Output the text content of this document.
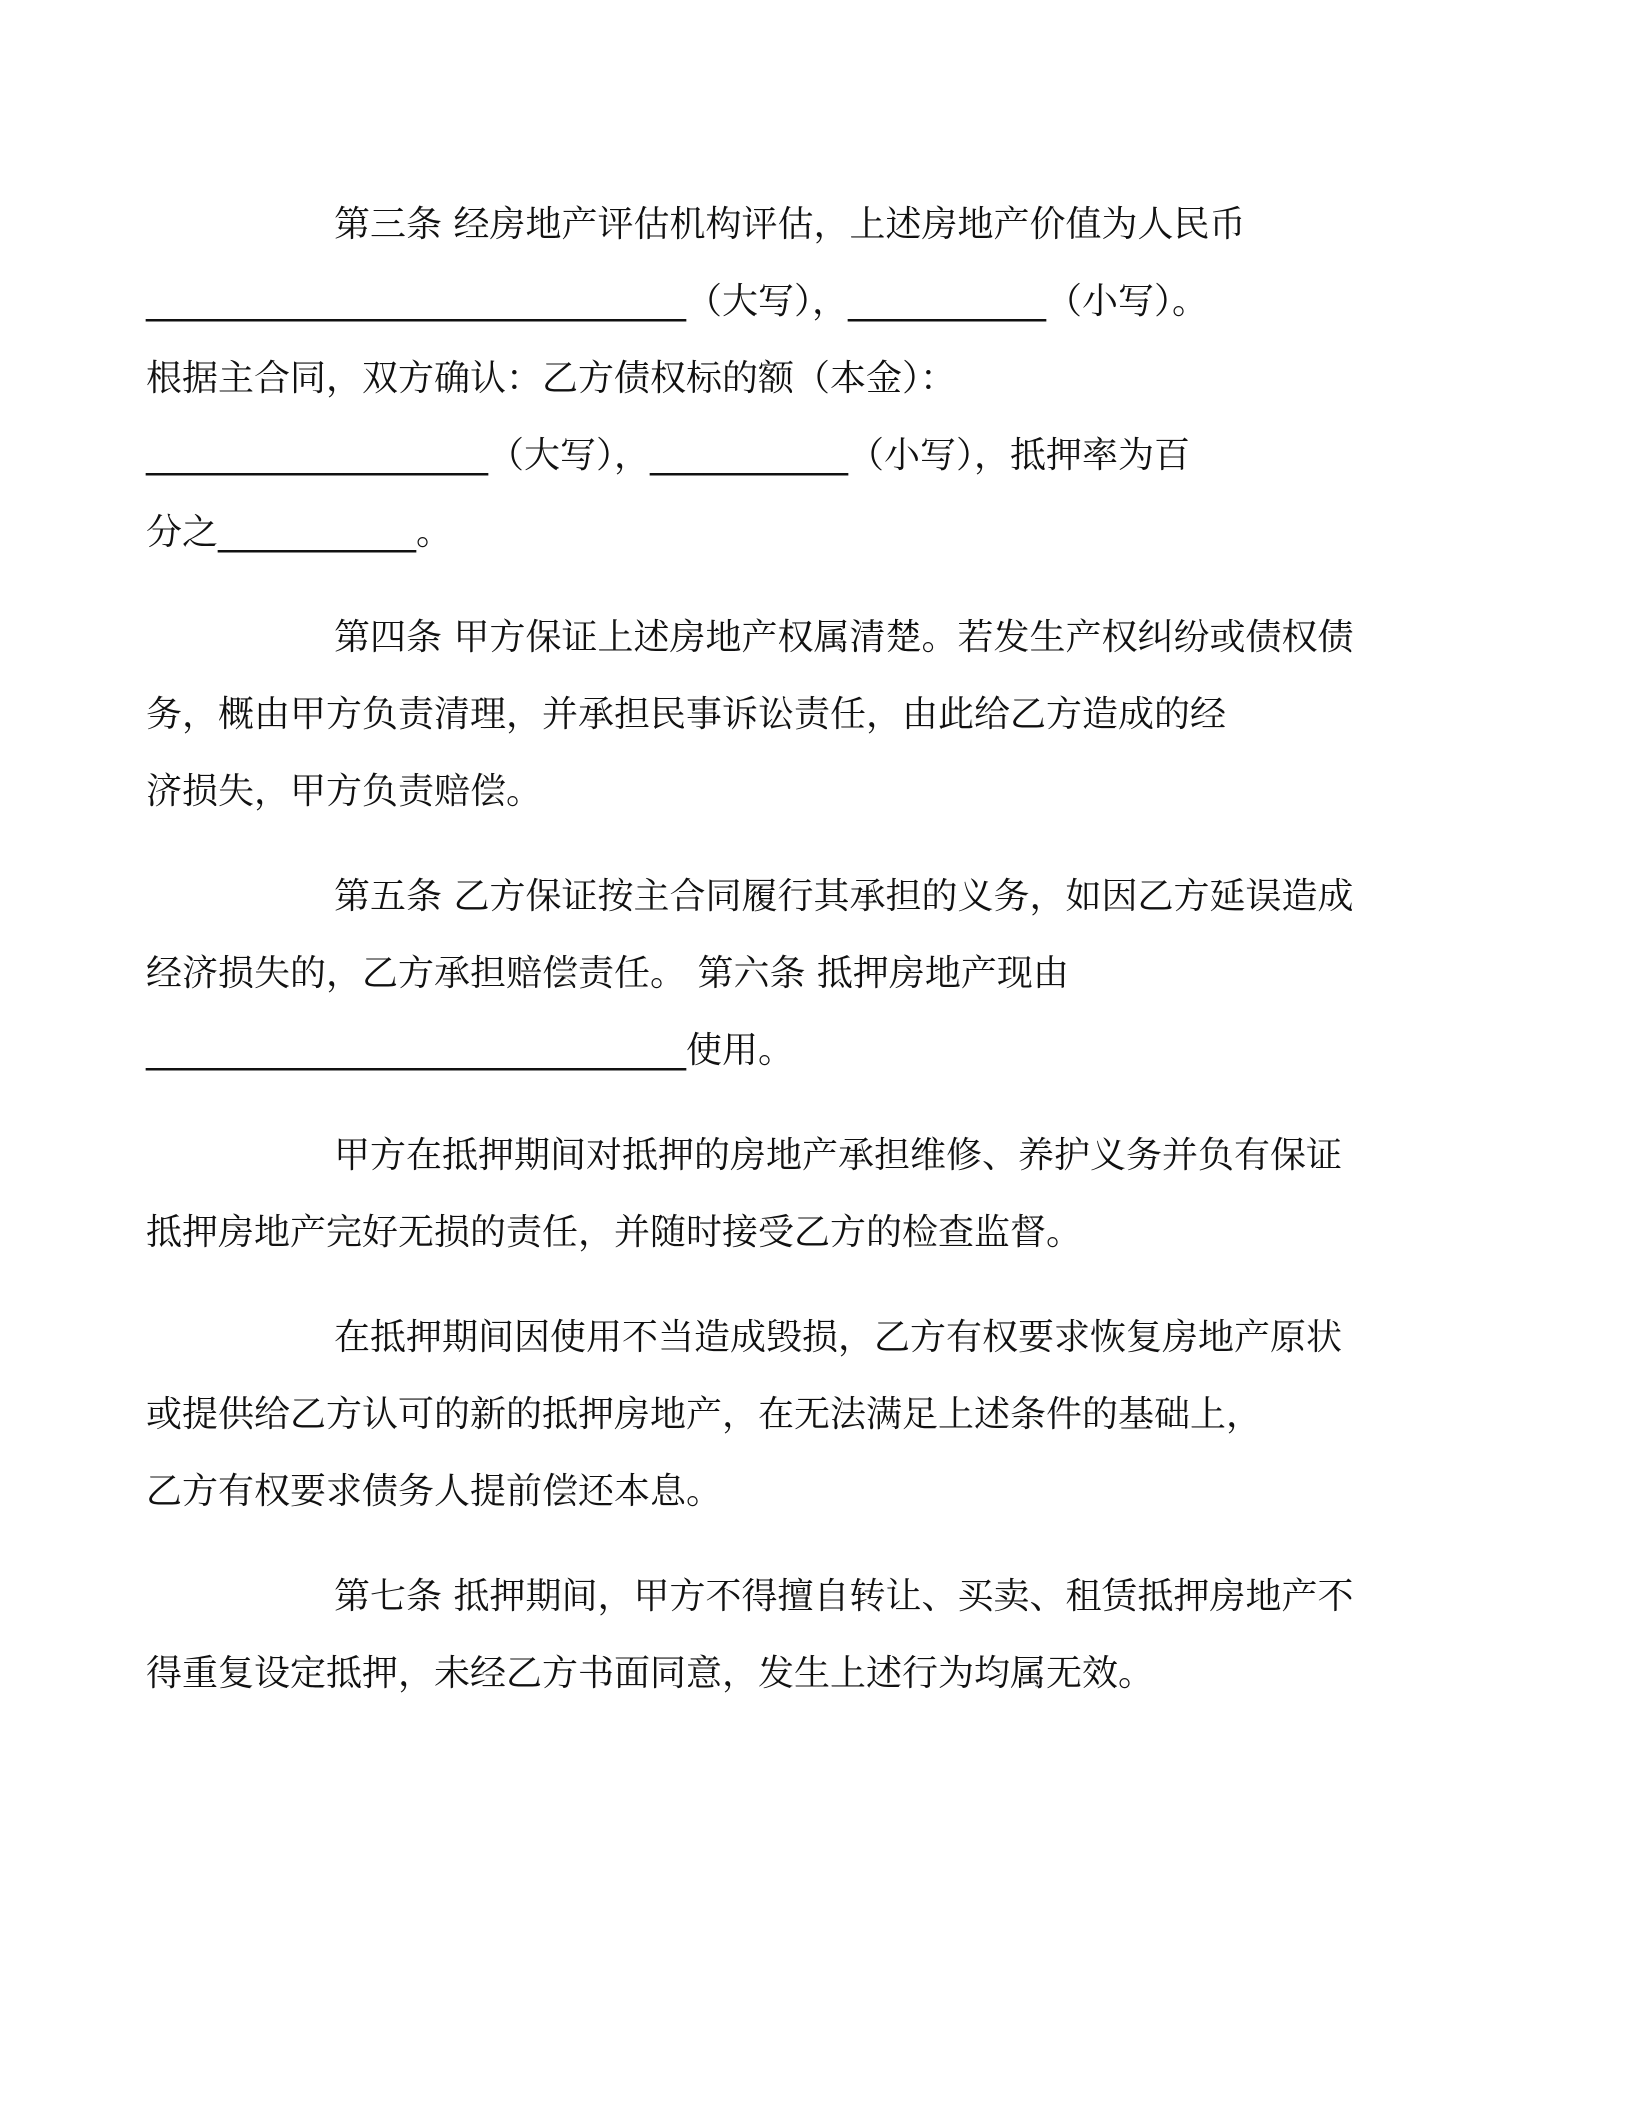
第三条 经房地产评估机构评估，上述房地产价值为人民币
______________________________（大写），___________（小写）。
根据主合同，双方确认：乙方债权标的额（本金）：
___________________（大写），___________（小写），抵押率为百
分之___________。
第四条 甲方保证上述房地产权属清楚。若发生产权纠纷或债权债
务，概由甲方负责清理，并承担民事诉讼责任，由此给乙方造成的经
济损失，甲方负责赔偿。
第五条 乙方保证按主合同履行其承担的义务，如因乙方延误造成
经济损失的，乙方承担赔偿责任。 第六条 抵押房地产现由
______________________________使用。
甲方在抵押期间对抵押的房地产承担维修、养护义务并负有保证
抵押房地产完好无损的责任，并随时接受乙方的检查监督。
在抵押期间因使用不当造成毁损，乙方有权要求恢复房地产原状
或提供给乙方认可的新的抵押房地产，在无法满足上述条件的基础上，
乙方有权要求债务人提前偿还本息。
第七条 抵押期间，甲方不得擅自转让、买卖、租赁抵押房地产不
得重复设定抵押，未经乙方书面同意，发生上述行为均属无效。
